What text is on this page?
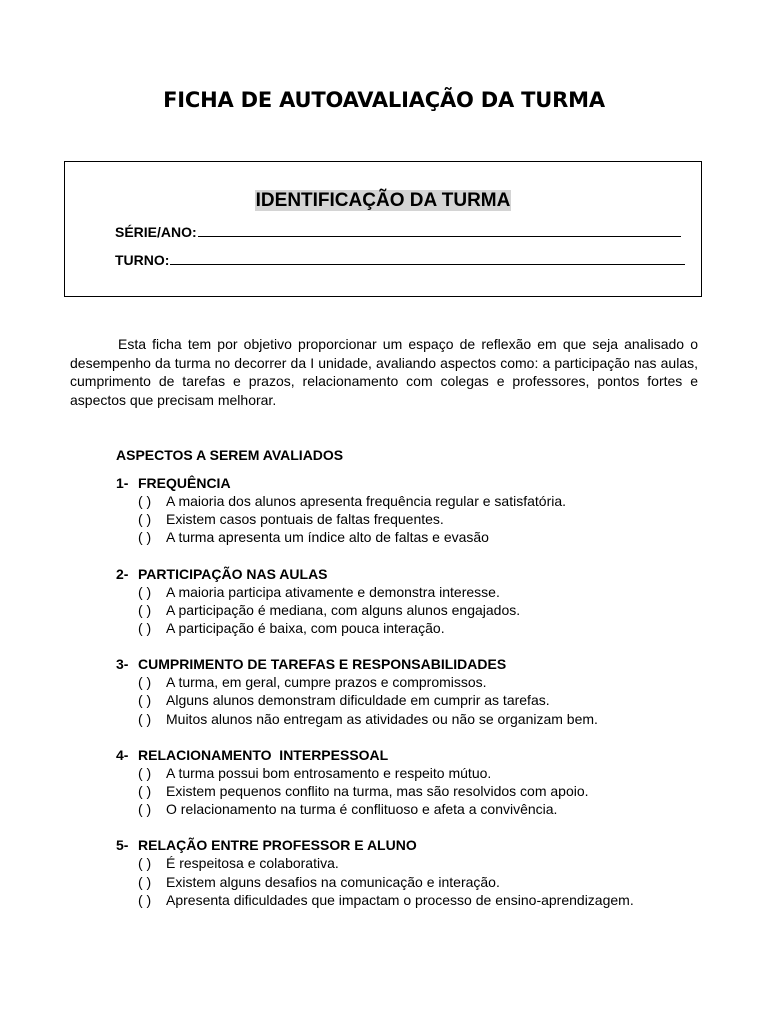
FICHA DE AUTOAVALIAÇÃO DA TURMA
IDENTIFICAÇÃO DA TURMA
SÉRIE/ANO:
TURNO:
Esta ficha tem por objetivo proporcionar um espaço de reflexão em que seja analisado o desempenho da turma no decorrer da I unidade, avaliando aspectos como: a participação nas aulas, cumprimento de tarefas e prazos, relacionamento com colegas e professores, pontos fortes e aspectos que precisam melhorar.
ASPECTOS A SEREM AVALIADOS
1- FREQUÊNCIA
( ) A maioria dos alunos apresenta frequência regular e satisfatória.
( ) Existem casos pontuais de faltas frequentes.
( ) A turma apresenta um índice alto de faltas e evasão
2- PARTICIPAÇÃO NAS AULAS
( ) A maioria participa ativamente e demonstra interesse.
( ) A participação é mediana, com alguns alunos engajados.
( ) A participação é baixa, com pouca interação.
3- CUMPRIMENTO DE TAREFAS E RESPONSABILIDADES
( ) A turma, em geral, cumpre prazos e compromissos.
( ) Alguns alunos demonstram dificuldade em cumprir as tarefas.
( ) Muitos alunos não entregam as atividades ou não se organizam bem.
4- RELACIONAMENTO  INTERPESSOAL
( ) A turma possui bom entrosamento e respeito mútuo.
( ) Existem pequenos conflito na turma, mas são resolvidos com apoio.
( ) O relacionamento na turma é conflituoso e afeta a convivência.
5- RELAÇÃO ENTRE PROFESSOR E ALUNO
( ) É respeitosa e colaborativa.
( ) Existem alguns desafios na comunicação e interação.
( ) Apresenta dificuldades que impactam o processo de ensino-aprendizagem.
